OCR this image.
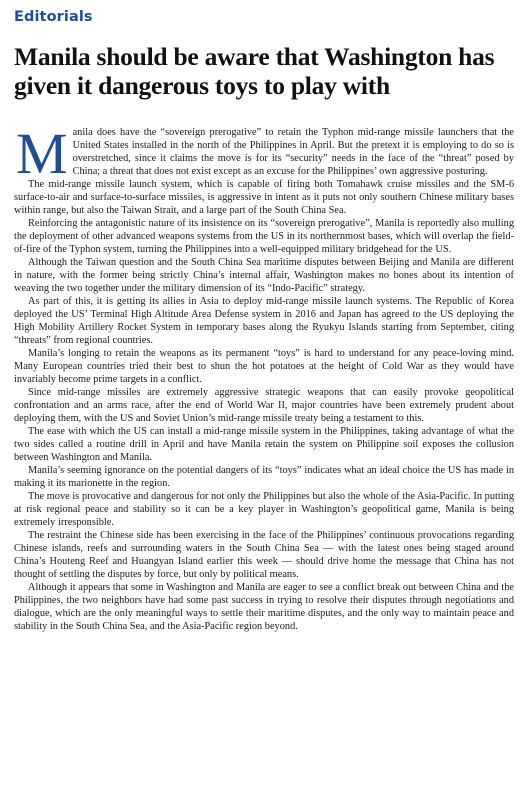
Editorials
Manila should be aware that Washington has given it dangerous toys to play with

Manila does have the “sovereign prerogative” to retain the Typhon mid-range missile launchers that the United States installed in the north of the Philippines in April. But the pretext it is employing to do so is overstretched, since it claims the move is for its “security” needs in the face of the “threat” posed by China; a threat that does not exist except as an excuse for the Philippines’ own aggressive posturing.

The mid-range missile launch system, which is capable of firing both Tomahawk cruise missiles and the SM-6 surface-to-air and surface-to-surface missiles, is aggressive in intent as it puts not only southern Chinese military bases within range, but also the Taiwan Strait, and a large part of the South China Sea.

Reinforcing the antagonistic nature of its insistence on its “sovereign prerogative”, Manila is reportedly also mulling the deployment of other advanced weapons systems from the US in its northernmost bases, which will overlap the field-of-fire of the Typhon system, turning the Philippines into a well-equipped military bridgehead for the US.

Although the Taiwan question and the South China Sea maritime disputes between Beijing and Manila are different in nature, with the former being strictly China’s internal affair, Washington makes no bones about its intention of weaving the two together under the military dimension of its “Indo-Pacific” strategy.

As part of this, it is getting its allies in Asia to deploy mid-range missile launch systems. The Republic of Korea deployed the US’ Terminal High Altitude Area Defense system in 2016 and Japan has agreed to the US deploying the High Mobility Artillery Rocket System in temporary bases along the Ryukyu Islands starting from September, citing “threats” from regional countries.

Manila’s longing to retain the weapons as its permanent “toys” is hard to understand for any peace-loving mind. Many European countries tried their best to shun the hot potatoes at the height of Cold War as they would have invariably become prime targets in a conflict.

Since mid-range missiles are extremely aggressive strategic weapons that can easily provoke geopolitical confrontation and an arms race, after the end of World War II, major countries have been extremely prudent about deploying them, with the US and Soviet Union’s mid-range missile treaty being a testament to this.

The ease with which the US can install a mid-range missile system in the Philippines, taking advantage of what the two sides called a routine drill in April and have Manila retain the system on Philippine soil exposes the collusion between Washington and Manila.

Manila’s seeming ignorance on the potential dangers of its “toys” indicates what an ideal choice the US has made in making it its marionette in the region.

The move is provocative and dangerous for not only the Philippines but also the whole of the Asia-Pacific. In putting at risk regional peace and stability so it can be a key player in Washington’s geopolitical game, Manila is being extremely irresponsible.

The restraint the Chinese side has been exercising in the face of the Philippines’ continuous provocations regarding Chinese islands, reefs and surrounding waters in the South China Sea — with the latest ones being staged around China’s Houteng Reef and Huangyan Island earlier this week — should drive home the message that China has not thought of settling the disputes by force, but only by political means.

Although it appears that some in Washington and Manila are eager to see a conflict break out between China and the Philippines, the two neighbors have had some past success in trying to resolve their disputes through negotiations and dialogue, which are the only meaningful ways to settle their maritime disputes, and the only way to maintain peace and stability in the South China Sea, and the Asia-Pacific region beyond.
